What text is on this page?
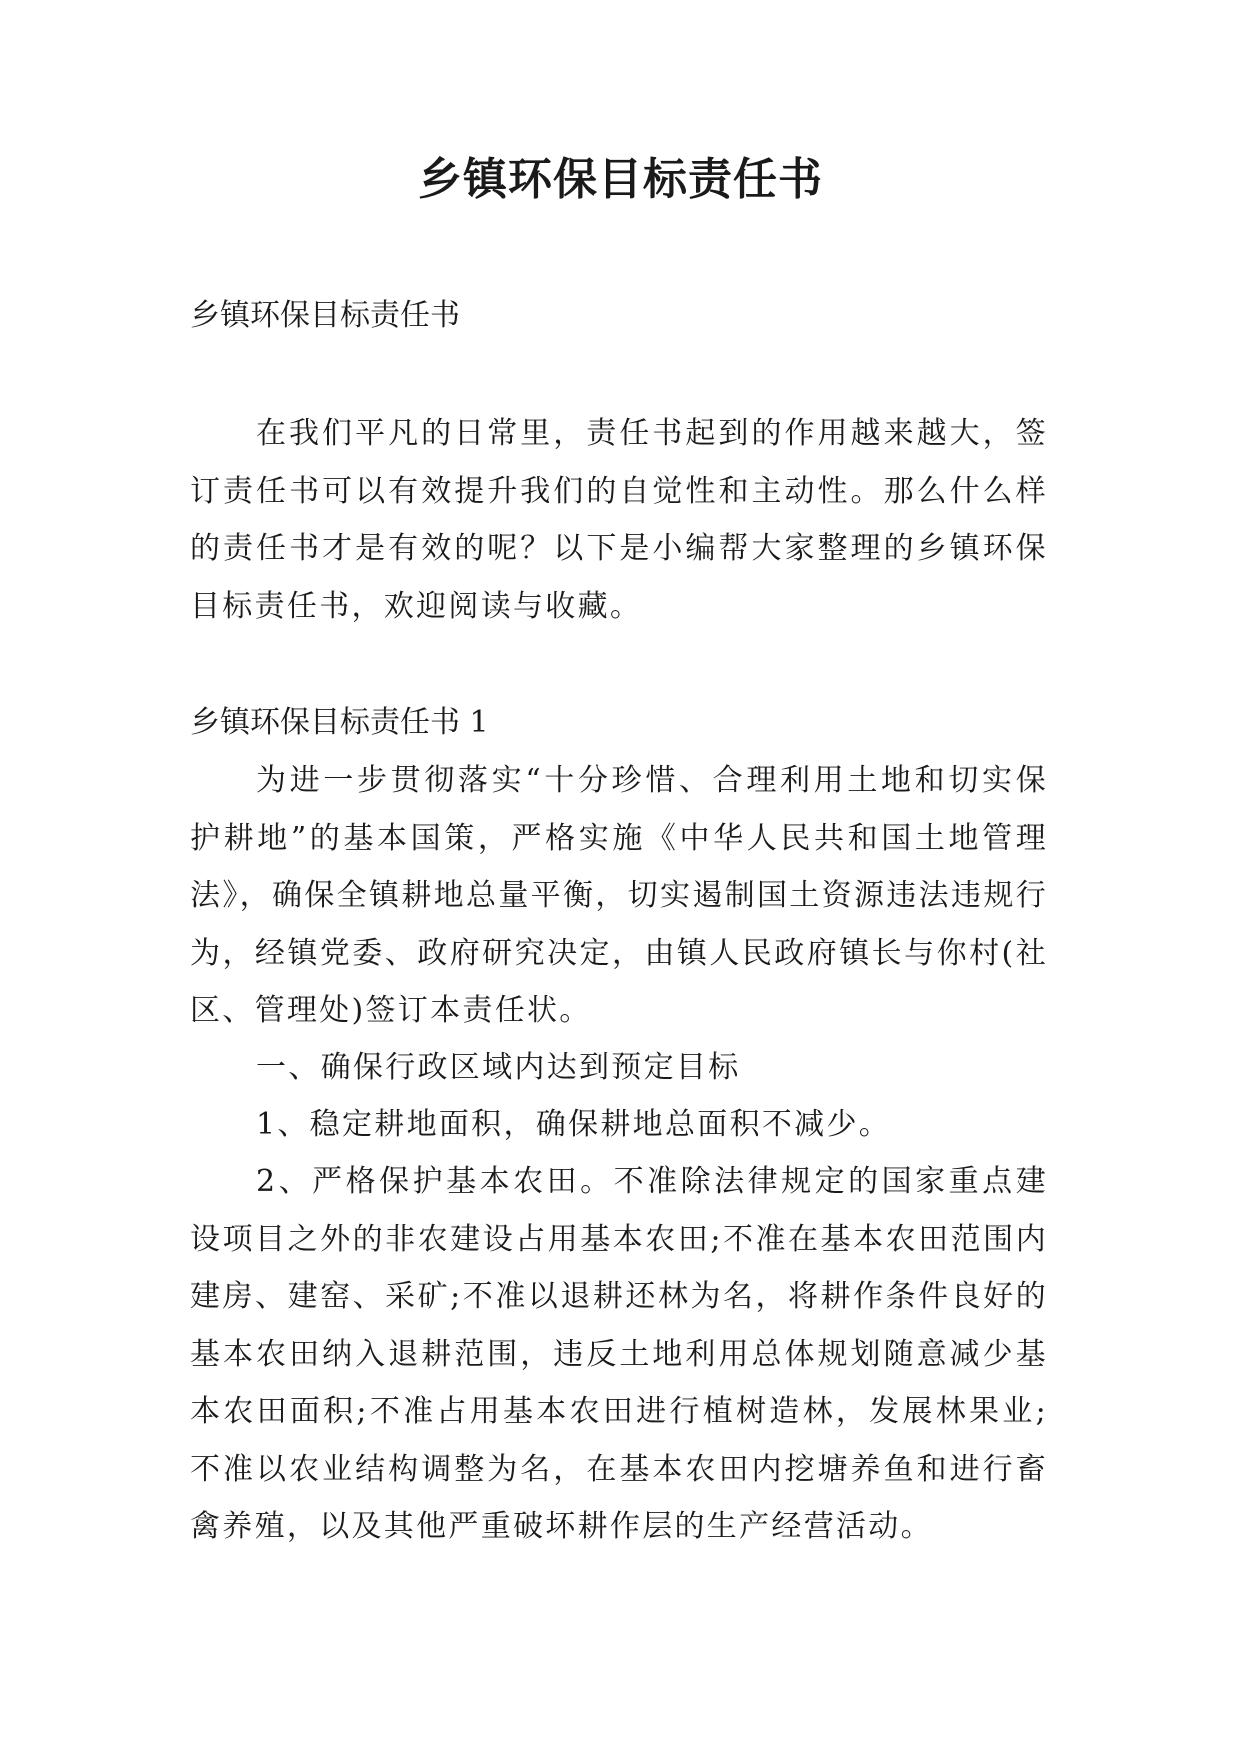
乡镇环保目标责任书

乡镇环保目标责任书

在我们平凡的日常里，责任书起到的作用越来越大，签订责任书可以有效提升我们的自觉性和主动性。那么什么样的责任书才是有效的呢？以下是小编帮大家整理的乡镇环保目标责任书，欢迎阅读与收藏。

乡镇环保目标责任书 1

为进一步贯彻落实“十分珍惜、合理利用土地和切实保护耕地”的基本国策，严格实施《中华人民共和国土地管理法》，确保全镇耕地总量平衡，切实遏制国土资源违法违规行为，经镇党委、政府研究决定，由镇人民政府镇长与你村(社区、管理处)签订本责任状。

一、确保行政区域内达到预定目标

1、稳定耕地面积，确保耕地总面积不减少。

2、严格保护基本农田。不准除法律规定的国家重点建设项目之外的非农建设占用基本农田;不准在基本农田范围内建房、建窑、采矿;不准以退耕还林为名，将耕作条件良好的基本农田纳入退耕范围，违反土地利用总体规划随意减少基本农田面积;不准占用基本农田进行植树造林，发展林果业;不准以农业结构调整为名，在基本农田内挖塘养鱼和进行畜禽养殖，以及其他严重破坏耕作层的生产经营活动。
